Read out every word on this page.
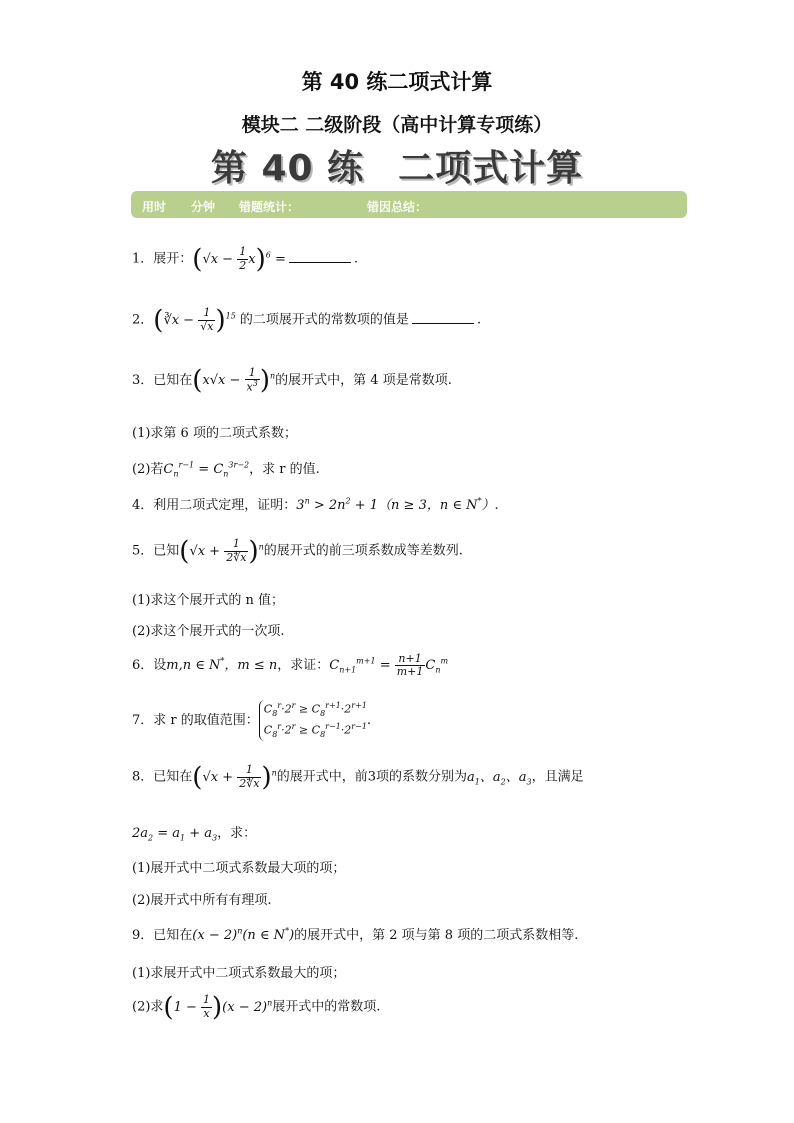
第 40 练二项式计算
模块二 二级阶段（高中计算专项练）
第 40 练 二项式计算
用时 分钟 错题统计：	错因总结：
1．展开：$(√x - \frac{1}{2} x)^6$ =	.
2．(∛x − $\frac{1}{√x} )^{15}$ 的二项展开式的常数项的值是	.
3．已知在$(x√x - \frac{1}{x^3} )^n$的展开式中，第 4 项是常数项.
(1)求第 6 项的二项式系数；
(2)若$C_n^{r-1} = C_n^{3r-2}$，求 r 的值.
4．利用二项式定理，证明：$3^n > 2n^2 + 1(n \ge 3$，n ∈ N*）.
5．已知$(√x + \frac{1}{2∜x} )^n$的展开式的前三项系数成等差数列.
(1)求这个展开式的 n 值；
(2)求这个展开式的一次项.
6．设m,n ∈ N*，m ≤ n，求证：$C_{n+1}^{m+1} = \frac{n+1}{m+1} C_n^m$
7．求 r 的取值范围：
$C_8^r\cdot 2^r \ge C_8^{r+1}\cdot 2^{r+1}$
$C_8^r\cdot 2^r \ge C_8^{r-1}\cdot 2^{r-1}$ .
8．已知在$(√x + \frac{1}{2∜x} )^n$的展开式中，前3项的系数分别为$a_1$、$a_2$、$a_3$，且满足
$2a_2 = a_1 + a_3$，求：
(1)展开式中二项式系数最大项的项；
(2)展开式中所有有理项.
9．已知在$(x - 2)^n(n$ ∈ N*)的展开式中，第 2 项与第 8 项的二项式系数相等.
(1)求展开式中二项式系数最大的项；
(2)求$(1 - \frac{1}{x} )(x - 2)^n$展开式中的常数项.
